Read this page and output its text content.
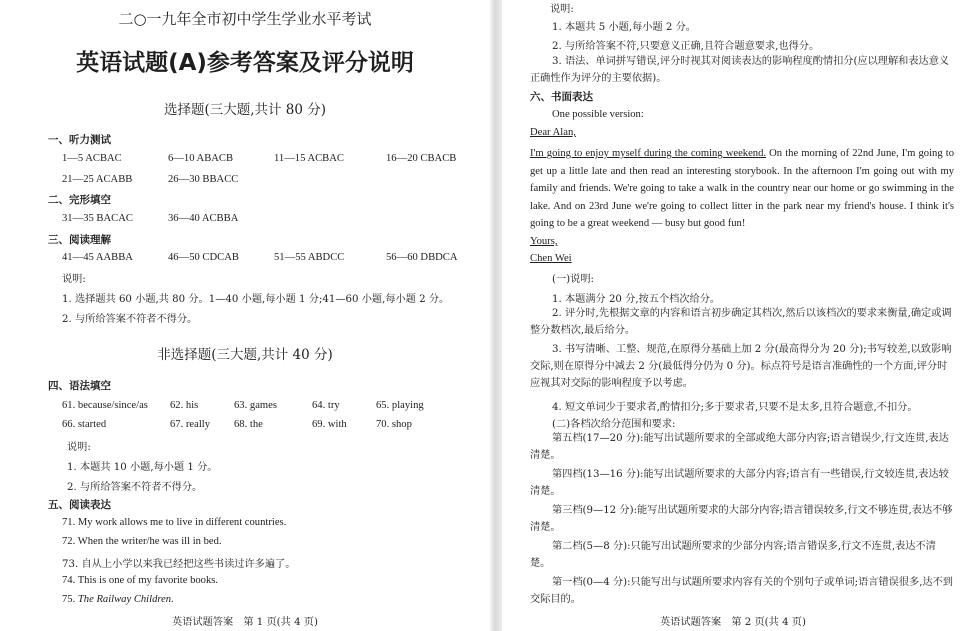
二○一九年全市初中学生学业水平考试
英语试题(A)参考答案及评分说明
选择题(三大题,共计 80 分)
一、听力测试
1—5 ACBAC	6—10 ABACB	11—15 ACBAC	16—20 CBACB
21—25 ACABB	26—30 BBACC
二、完形填空
31—35 BACAC	36—40 ACBBA
三、阅读理解
41—45 AABBA	46—50 CDCAB	51—55 ABDCC	56—60 DBDCA
说明:
1. 选择题共 60 小题,共 80 分。1—40 小题,每小题 1 分;41—60 小题,每小题 2 分。
2. 与所给答案不符者不得分。
非选择题(三大题,共计 40 分)
四、语法填空
61. because/since/as 62. his	63. games	64. try	65. playing
66. started	67. really 68. the	69. with	70. shop
说明:
1. 本题共 10 小题,每小题 1 分。
2. 与所给答案不符者不得分。
五、阅读表达
71. My work allows me to live in different countries.
72. When the writer/he was ill in bed.
73. 自从上小学以来我已经把这些书读过许多遍了。
74. This is one of my favorite books.
75. The Railway Children.
英语试题答案　第 1 页(共 4 页)
说明:
1. 本题共 5 小题,每小题 2 分。
2. 与所给答案不符,只要意义正确,且符合题意要求,也得分。
3. 语法、单词拼写错误,评分时视其对阅读表达的影响程度酌情扣分(应以理解和表达意义正确性作为评分的主要依据)。
六、书面表达
One possible version:
Dear Alan,
I'm going to enjoy myself during the coming weekend. On the morning of 22nd June, I'm going to get up a little late and then read an interesting storybook. In the afternoon I'm going out with my family and friends. We're going to take a walk in the country near our home or go swimming in the lake. And on 23rd June we're going to collect litter in the park near my friend's house. I think it's going to be a great weekend — busy but good fun!
Yours,
Chen Wei
(一)说明:
1. 本题满分 20 分,按五个档次给分。
2. 评分时,先根据文章的内容和语言初步确定其档次,然后以该档次的要求来衡量,确定或调整分数档次,最后给分。
3. 书写清晰、工整、规范,在原得分基础上加 2 分(最高得分为 20 分);书写较差,以致影响交际,则在原得分中减去 2 分(最低得分仍为 0 分)。标点符号是语言准确性的一个方面,评分时应视其对交际的影响程度予以考虑。
4. 短文单词少于要求者,酌情扣分;多于要求者,只要不是太多,且符合题意,不扣分。
(二)各档次给分范围和要求:
第五档(17—20 分):能写出试题所要求的全部或绝大部分内容;语言错误少,行文连贯,表达清楚。
第四档(13—16 分):能写出试题所要求的大部分内容;语言有一些错误,行文较连贯,表达较清楚。
第三档(9—12 分):能写出试题所要求的大部分内容;语言错误较多,行文不够连贯,表达不够清楚。
第二档(5—8 分):只能写出试题所要求的少部分内容;语言错误多,行文不连贯,表达不清楚。
第一档(0—4 分):只能写出与试题所要求内容有关的个别句子或单词;语言错误很多,达不到交际目的。
英语试题答案　第 2 页(共 4 页)
